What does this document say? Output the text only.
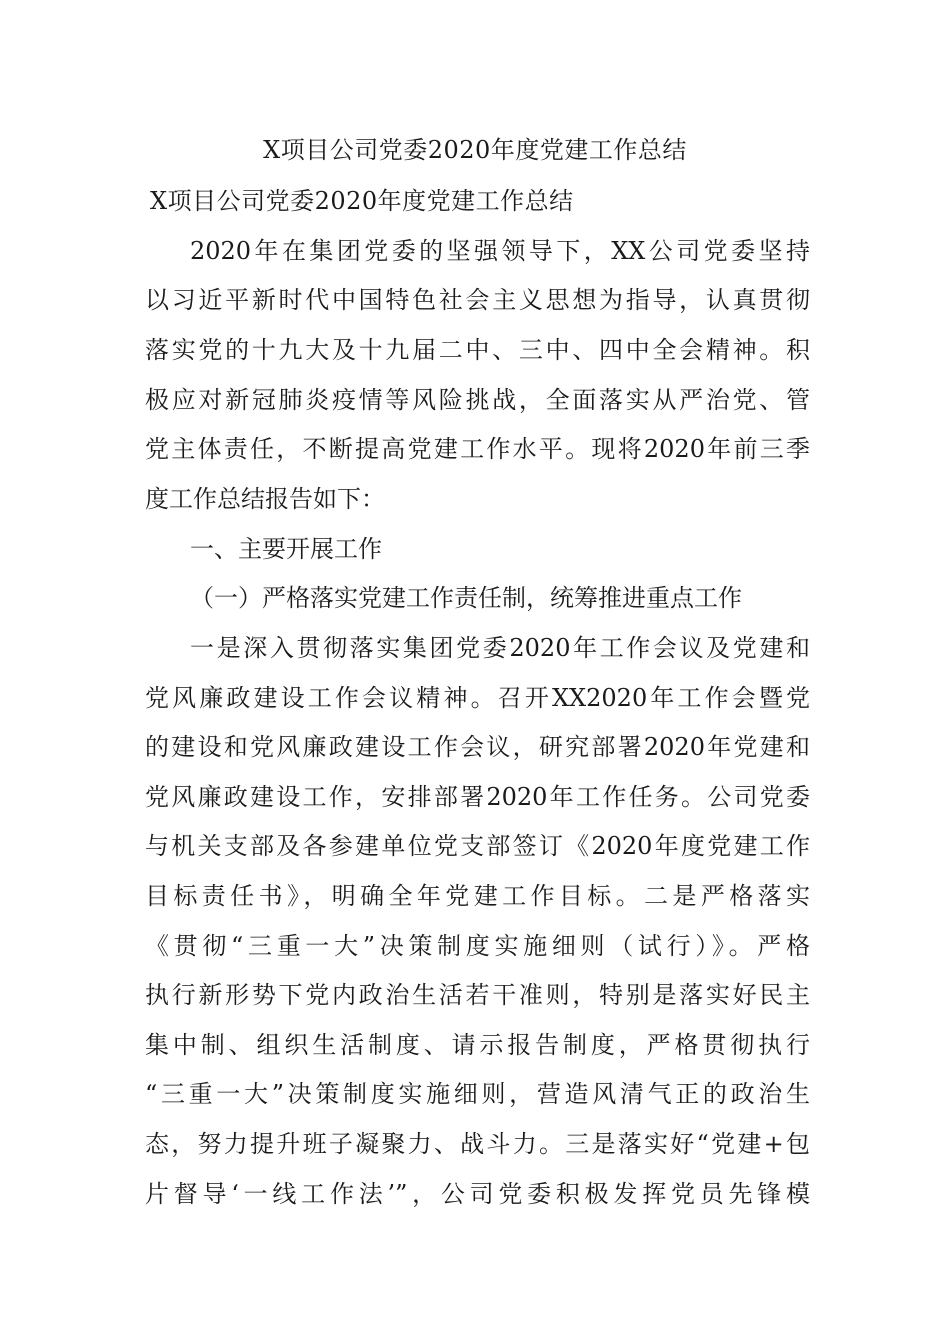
X项目公司党委2020年度党建工作总结
X项目公司党委2020年度党建工作总结
2020年在集团党委的坚强领导下，XX公司党委坚持
以习近平新时代中国特色社会主义思想为指导，认真贯彻
落实党的十九大及十九届二中、三中、四中全会精神。积
极应对新冠肺炎疫情等风险挑战，全面落实从严治党、管
党主体责任，不断提高党建工作水平。现将2020年前三季
度工作总结报告如下：
一、主要开展工作
（一）严格落实党建工作责任制，统筹推进重点工作
一是深入贯彻落实集团党委2020年工作会议及党建和
党风廉政建设工作会议精神。召开XX2020年工作会暨党
的建设和党风廉政建设工作会议，研究部署2020年党建和
党风廉政建设工作，安排部署2020年工作任务。公司党委
与机关支部及各参建单位党支部签订《2020年度党建工作
目标责任书》，明确全年党建工作目标。二是严格落实
《贯彻“三重一大”决策制度实施细则（试行）》。严格
执行新形势下党内政治生活若干准则，特别是落实好民主
集中制、组织生活制度、请示报告制度，严格贯彻执行
“三重一大”决策制度实施细则，营造风清气正的政治生
态，努力提升班子凝聚力、战斗力。三是落实好“党建+包
片督导‘一线工作法’”，公司党委积极发挥党员先锋模
